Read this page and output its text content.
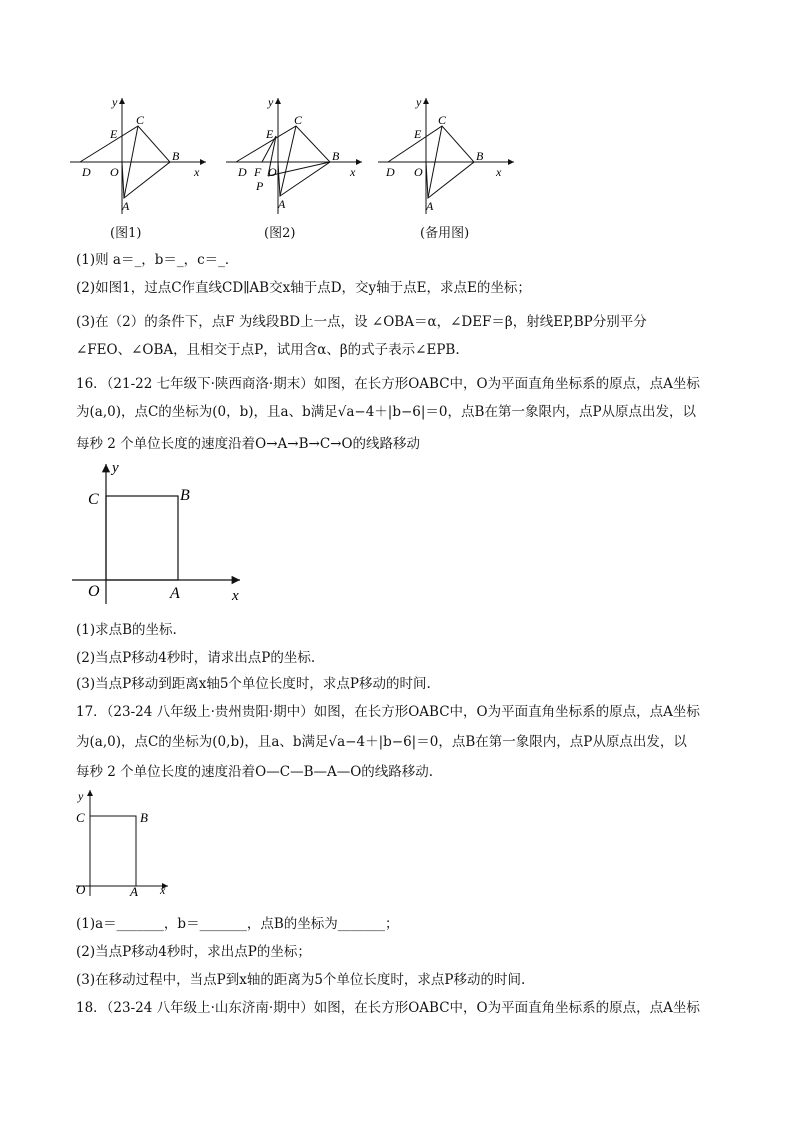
y
x
C
E
B
D O
A
y
x
C
E
B
D F O
P
A
y
x
C
E
B
D O
A
(图1)	(图2)	(备用图)
(1)则 a＝_，b＝_，c＝_．
(2)如图1，过点C作直线CD∥AB交x轴于点D，交y轴于点E，求点E的坐标；
(3)在（2）的条件下，点F 为线段BD上一点，设 ∠OBA＝α，∠DEF＝β，射线EP,BP分别平分
∠FEO、∠OBA，且相交于点P，试用含α、β的式子表示∠EPB.
16．（21-22 七年级下·陕西商洛·期末）如图，在长方形OABC中，O为平面直角坐标系的原点，点A坐标
为(a,0)，点C的坐标为(0，b)，且a、b满足√a−4＋|b−6|＝0，点B在第一象限内，点P从原点出发，以
每秒 2 个单位长度的速度沿着O→A→B→C→O的线路移动
y
C	B
O	A	x
(1)求点B的坐标.
(2)当点P移动4秒时，请求出点P的坐标.
(3)当点P移动到距离x轴5个单位长度时，求点P移动的时间.
17．（23-24 八年级上·贵州贵阳·期中）如图，在长方形OABC中，O为平面直角坐标系的原点，点A坐标
为(a,0)，点C的坐标为(0,b)，且a、b满足√a−4＋|b−6|＝0，点B在第一象限内，点P从原点出发，以
每秒 2 个单位长度的速度沿着O—C—B—A—O的线路移动.
y
C	B
O	A x
(1)a＝_______，b＝_______，点B的坐标为_______；
(2)当点P移动4秒时，求出点P的坐标；
(3)在移动过程中，当点P到x轴的距离为5个单位长度时，求点P移动的时间.
18．（23-24 八年级上·山东济南·期中）如图，在长方形OABC中，O为平面直角坐标系的原点，点A坐标
